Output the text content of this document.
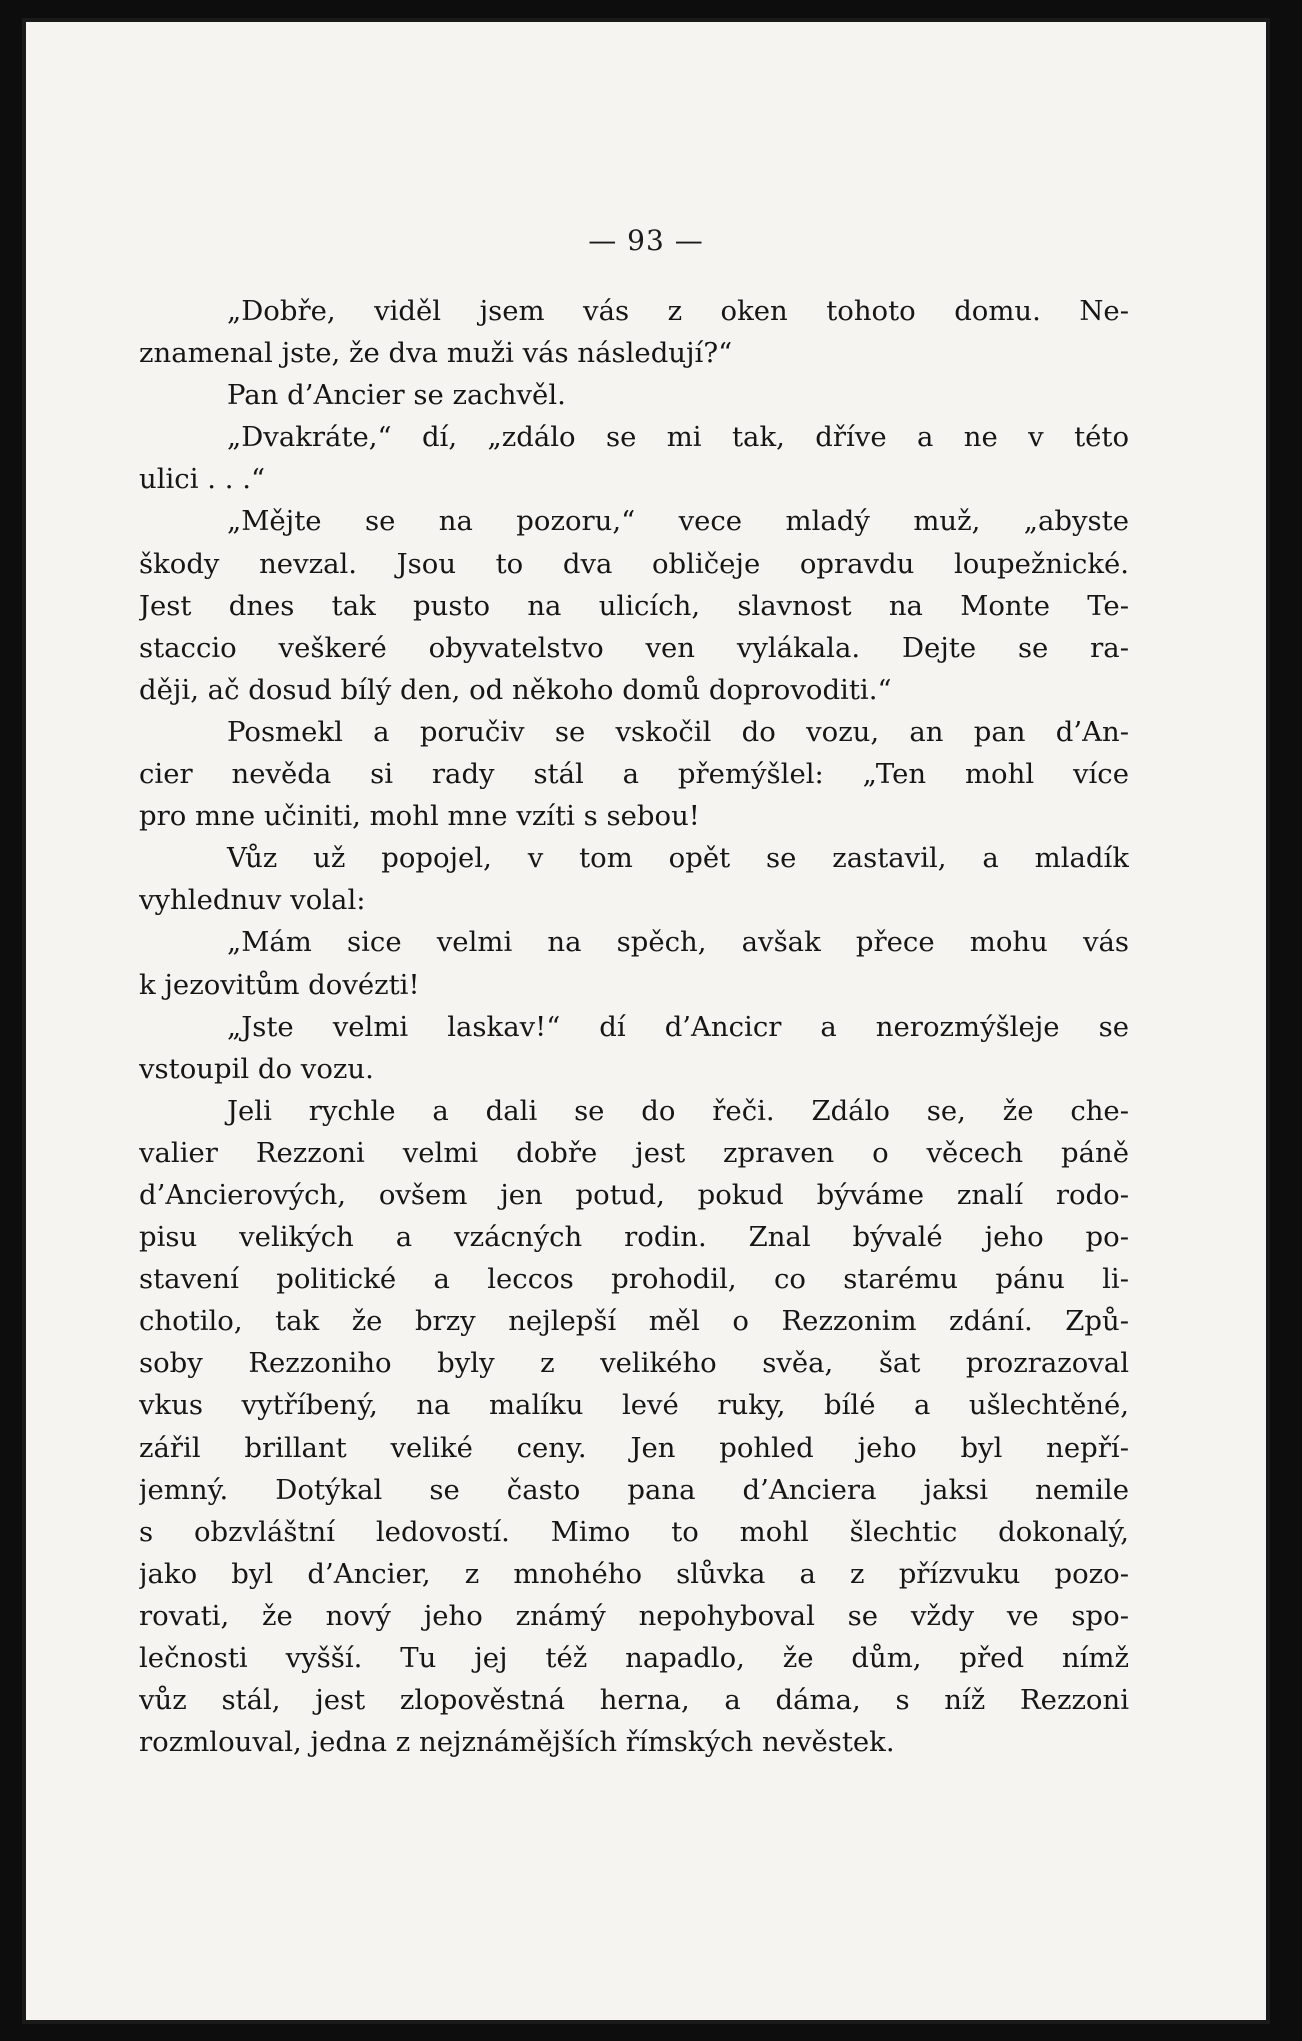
— 93 —
„Dobře, viděl jsem vás z oken tohoto domu. Ne-
znamenal jste, že dva muži vás následují?“
Pan d’Ancier se zachvěl.
„Dvakráte,“ dí, „zdálo se mi tak, dříve a ne v této
ulici . . .“
„Mějte se na pozoru,“ vece mladý muž, „abyste
škody nevzal. Jsou to dva obličeje opravdu loupežnické.
Jest dnes tak pusto na ulicích, slavnost na Monte Te-
staccio veškeré obyvatelstvo ven vylákala. Dejte se ra-
ději, ač dosud bílý den, od někoho domů doprovoditi.“
Posmekl a poručiv se vskočil do vozu, an pan d’An-
cier nevěda si rady stál a přemýšlel: „Ten mohl více
pro mne učiniti, mohl mne vzíti s sebou!
Vůz už popojel, v tom opět se zastavil, a mladík
vyhlednuv volal:
„Mám sice velmi na spěch, avšak přece mohu vás
k jezovitům dovézti!
„Jste velmi laskav!“ dí d’Ancicr a nerozmýšleje se
vstoupil do vozu.
Jeli rychle a dali se do řeči. Zdálo se, že che-
valier Rezzoni velmi dobře jest zpraven o věcech páně
d’Ancierových, ovšem jen potud, pokud býváme znalí rodo-
pisu velikých a vzácných rodin. Znal bývalé jeho po-
stavení politické a leccos prohodil, co starému pánu li-
chotilo, tak že brzy nejlepší měl o Rezzonim zdání. Způ-
soby Rezzoniho byly z velikého svěa, šat prozrazoval
vkus vytříbený, na malíku levé ruky, bílé a ušlechtěné,
zářil brillant veliké ceny. Jen pohled jeho byl nepří-
jemný. Dotýkal se často pana d’Anciera jaksi nemile
s obzvláštní ledovostí. Mimo to mohl šlechtic dokonalý,
jako byl d’Ancier, z mnohého slůvka a z přízvuku pozo-
rovati, že nový jeho známý nepohyboval se vždy ve spo-
lečnosti vyšší. Tu jej též napadlo, že dům, před nímž
vůz stál, jest zlopověstná herna, a dáma, s níž Rezzoni
rozmlouval, jedna z nejznámějších římských nevěstek.
